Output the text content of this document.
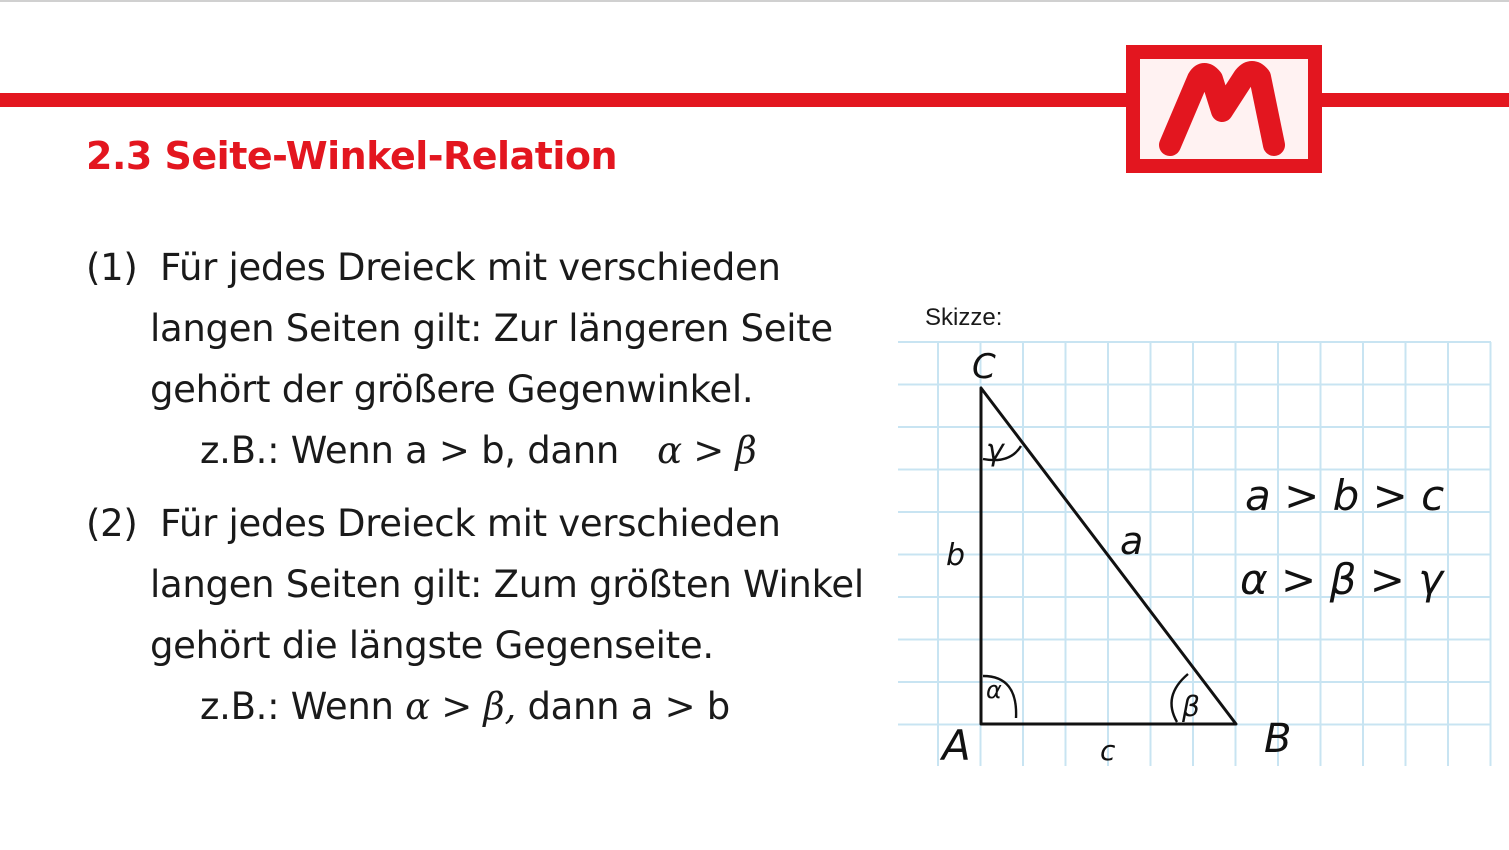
2.3 Seite-Winkel-Relation
(1) Für jedes Dreieck mit verschieden
langen Seiten gilt: Zur längeren Seite
gehört der größere Gegenwinkel.
z.B.: Wenn a > b, dann α > β
(2) Für jedes Dreieck mit verschieden
langen Seiten gilt: Zum größten Winkel
gehört die längste Gegenseite.
z.B.: Wenn α > β, dann a > b
Skizze:
C
A	B
a
b
c
γ
α	β
a > b > c
α > β > γ
